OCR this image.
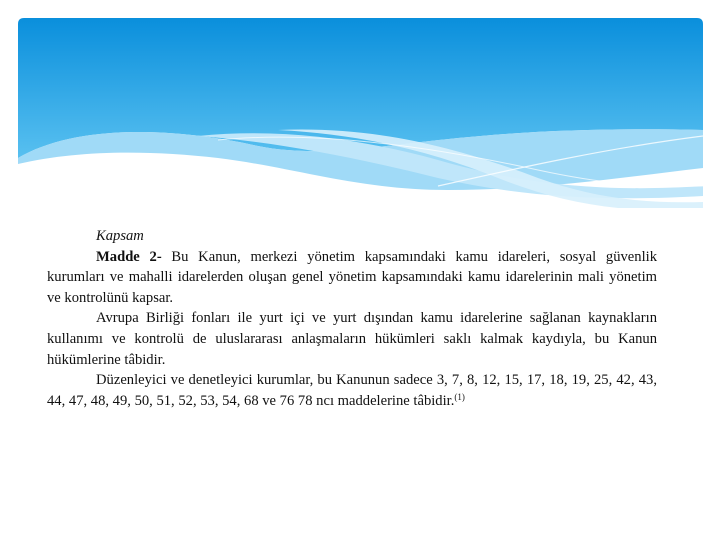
Kapsam

Madde 2- Bu Kanun, merkezi yönetim kapsamındaki kamu idareleri, sosyal güvenlik kurumları ve mahalli idarelerden oluşan genel yönetim kapsamındaki kamu idarelerinin mali yönetim ve kontrolünü kapsar.

Avrupa Birliği fonları ile yurt içi ve yurt dışından kamu idarelerine sağlanan kaynakların kullanımı ve kontrolü de uluslararası anlaşmaların hükümleri saklı kalmak kaydıyla, bu Kanun hükümlerine tâbidir.

Düzenleyici ve denetleyici kurumlar, bu Kanunun sadece 3, 7, 8, 12, 15, 17, 18, 19, 25, 42, 43, 44, 47, 48, 49, 50, 51, 52, 53, 54, 68 ve 76 78 ncı maddelerine tâbidir.$^{(1)}$
